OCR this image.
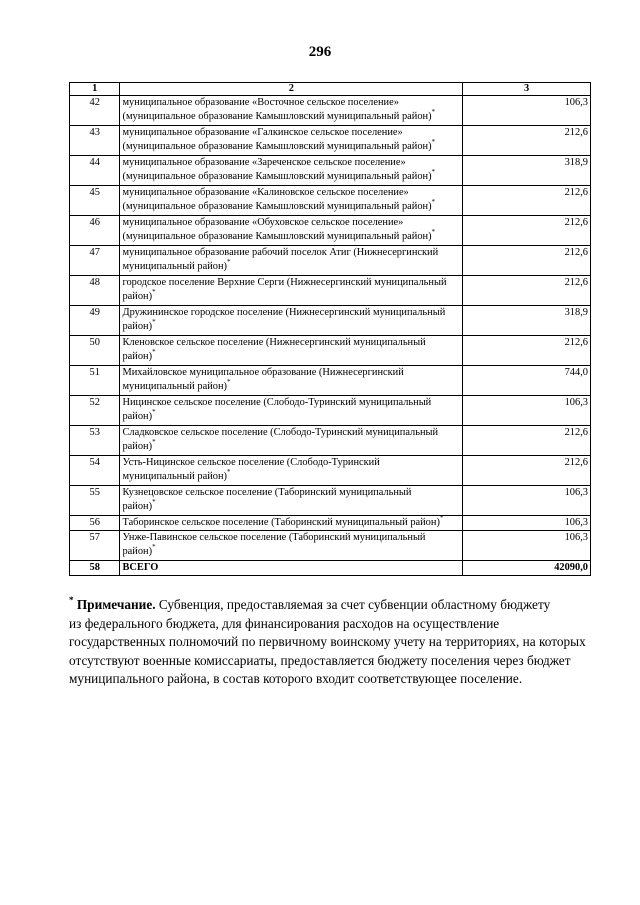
296
1	2	3
42	муниципальное образование «Восточное сельское поселение»
(муниципальное образование Камышловский муниципальный район)*	106,3
43	муниципальное образование «Галкинское сельское поселение»
(муниципальное образование Камышловский муниципальный район)*	212,6
44	муниципальное образование «Зареченское сельское поселение»
(муниципальное образование Камышловский муниципальный район)*	318,9
45	муниципальное образование «Калиновское сельское поселение»
(муниципальное образование Камышловский муниципальный район)*	212,6
46	муниципальное образование «Обуховское сельское поселение»
(муниципальное образование Камышловский муниципальный район)*	212,6
47	муниципальное образование рабочий поселок Атиг (Нижнесергинский
муниципальный район)*	212,6
48	городское поселение Верхние Серги (Нижнесергинский муниципальный
район)*	212,6
49	Дружининское городское поселение (Нижнесергинский муниципальный
район)*	318,9
50	Кленовское сельское поселение (Нижнесергинский муниципальный
район)*	212,6
51	Михайловское муниципальное образование (Нижнесергинский
муниципальный район)*	744,0
52	Ницинское сельское поселение (Слободо-Туринский муниципальный
район)*	106,3
53	Сладковское сельское поселение (Слободо-Туринский муниципальный
район)*	212,6
54	Усть-Ницинское сельское поселение (Слободо-Туринский
муниципальный район)*	212,6
55	Кузнецовское сельское поселение (Таборинский муниципальный
район)*	106,3
56	Таборинское сельское поселение (Таборинский муниципальный район)*	106,3
57	Унже-Павинское сельское поселение (Таборинский муниципальный
район)*	106,3
58	ВСЕГО	42090,0
* Примечание. Субвенция, предоставляемая за счет субвенции областному бюджету
из федерального бюджета, для финансирования расходов на осуществление
государственных полномочий по первичному воинскому учету на территориях, на которых
отсутствуют военные комиссариаты, предоставляется бюджету поселения через бюджет
муниципального района, в состав которого входит соответствующее поселение.
